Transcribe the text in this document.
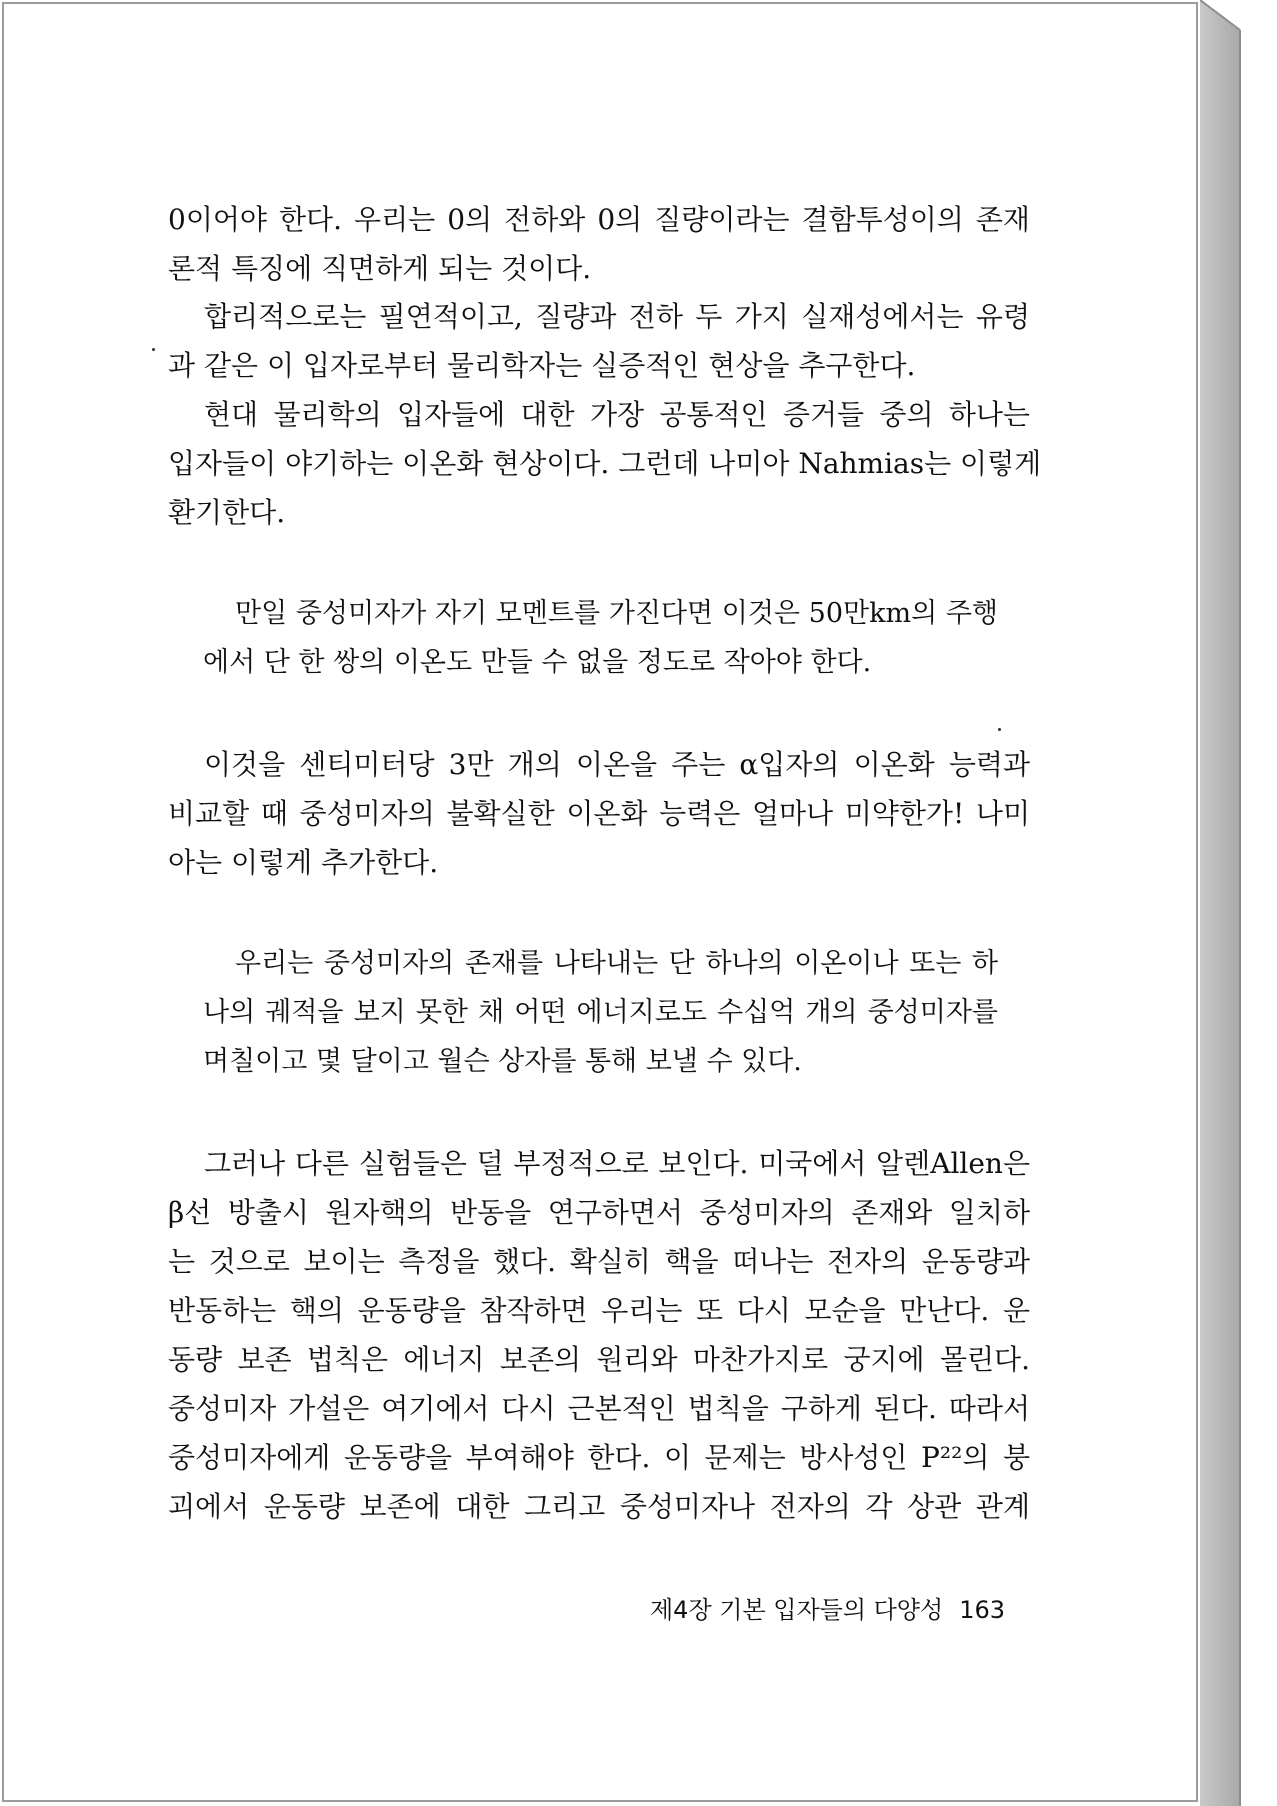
0이어야 한다. 우리는 0의 전하와 0의 질량이라는 결함투성이의 존재
론적 특징에 직면하게 되는 것이다.
합리적으로는 필연적이고, 질량과 전하 두 가지 실재성에서는 유령
과 같은 이 입자로부터 물리학자는 실증적인 현상을 추구한다.
현대 물리학의 입자들에 대한 가장 공통적인 증거들 중의 하나는
입자들이 야기하는 이온화 현상이다. 그런데 나미아 Nahmias는 이렇게
환기한다.
만일 중성미자가 자기 모멘트를 가진다면 이것은 50만km의 주행
에서 단 한 쌍의 이온도 만들 수 없을 정도로 작아야 한다.
이것을 센티미터당 3만 개의 이온을 주는 α입자의 이온화 능력과
비교할 때 중성미자의 불확실한 이온화 능력은 얼마나 미약한가! 나미
아는 이렇게 추가한다.
우리는 중성미자의 존재를 나타내는 단 하나의 이온이나 또는 하
나의 궤적을 보지 못한 채 어떤 에너지로도 수십억 개의 중성미자를
며칠이고 몇 달이고 월슨 상자를 통해 보낼 수 있다.
그러나 다른 실험들은 덜 부정적으로 보인다. 미국에서 알렌Allen은
β선 방출시 원자핵의 반동을 연구하면서 중성미자의 존재와 일치하
는 것으로 보이는 측정을 했다. 확실히 핵을 떠나는 전자의 운동량과
반동하는 핵의 운동량을 참작하면 우리는 또 다시 모순을 만난다. 운
동량 보존 법칙은 에너지 보존의 원리와 마찬가지로 궁지에 몰린다.
중성미자 가설은 여기에서 다시 근본적인 법칙을 구하게 된다. 따라서
중성미자에게 운동량을 부여해야 한다. 이 문제는 방사성인 P²²의 붕
괴에서 운동량 보존에 대한 그리고 중성미자나 전자의 각 상관 관계
제4장 기본 입자들의 다양성 163
